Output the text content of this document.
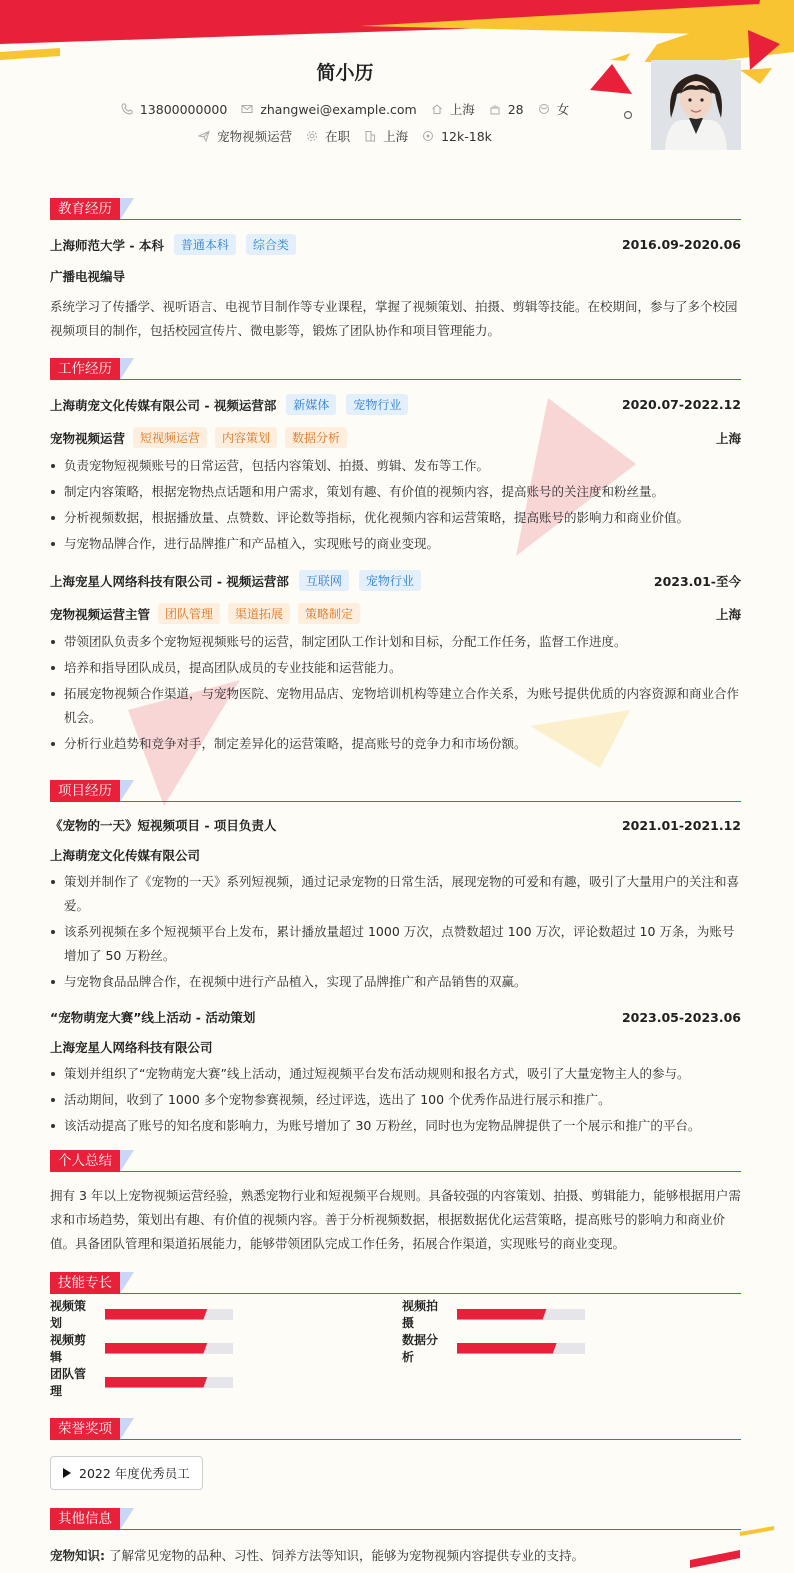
简小历
13800000000	zhangwei@example.com	上海	28	女
宠物视频运营	在职	上海	12k-18k
教育经历
上海师范大学 - 本科	普通本科	综合类	2016.09-2020.06
广播电视编导
系统学习了传播学、视听语言、电视节目制作等专业课程，掌握了视频策划、拍摄、剪辑等技能。在校期间，参与了多个校园视频项目的制作，包括校园宣传片、微电影等，锻炼了团队协作和项目管理能力。
工作经历
上海萌宠文化传媒有限公司 - 视频运营部	新媒体	宠物行业	2020.07-2022.12
宠物视频运营	短视频运营	内容策划	数据分析	上海
负责宠物短视频账号的日常运营，包括内容策划、拍摄、剪辑、发布等工作。
制定内容策略，根据宠物热点话题和用户需求，策划有趣、有价值的视频内容，提高账号的关注度和粉丝量。
分析视频数据，根据播放量、点赞数、评论数等指标，优化视频内容和运营策略，提高账号的影响力和商业价值。
与宠物品牌合作，进行品牌推广和产品植入，实现账号的商业变现。
上海宠星人网络科技有限公司 - 视频运营部	互联网	宠物行业	2023.01-至今
宠物视频运营主管	团队管理	渠道拓展	策略制定	上海
带领团队负责多个宠物短视频账号的运营，制定团队工作计划和目标，分配工作任务，监督工作进度。
培养和指导团队成员，提高团队成员的专业技能和运营能力。
拓展宠物视频合作渠道，与宠物医院、宠物用品店、宠物培训机构等建立合作关系，为账号提供优质的内容资源和商业合作机会。
分析行业趋势和竞争对手，制定差异化的运营策略，提高账号的竞争力和市场份额。
项目经历
《宠物的一天》短视频项目 - 项目负责人	2021.01-2021.12
上海萌宠文化传媒有限公司
策划并制作了《宠物的一天》系列短视频，通过记录宠物的日常生活，展现宠物的可爱和有趣，吸引了大量用户的关注和喜爱。
该系列视频在多个短视频平台上发布，累计播放量超过 1000 万次，点赞数超过 100 万次，评论数超过 10 万条，为账号增加了 50 万粉丝。
与宠物食品品牌合作，在视频中进行产品植入，实现了品牌推广和产品销售的双赢。
“宠物萌宠大赛”线上活动 - 活动策划	2023.05-2023.06
上海宠星人网络科技有限公司
策划并组织了“宠物萌宠大赛”线上活动，通过短视频平台发布活动规则和报名方式，吸引了大量宠物主人的参与。
活动期间，收到了 1000 多个宠物参赛视频，经过评选，选出了 100 个优秀作品进行展示和推广。
该活动提高了账号的知名度和影响力，为账号增加了 30 万粉丝，同时也为宠物品牌提供了一个展示和推广的平台。
个人总结
拥有 3 年以上宠物视频运营经验，熟悉宠物行业和短视频平台规则。具备较强的内容策划、拍摄、剪辑能力，能够根据用户需求和市场趋势，策划出有趣、有价值的视频内容。善于分析视频数据，根据数据优化运营策略，提高账号的影响力和商业价值。具备团队管理和渠道拓展能力，能够带领团队完成工作任务，拓展合作渠道，实现账号的商业变现。
技能专长
视频策划
视频拍摄
视频剪辑
数据分析
团队管理
荣誉奖项
2022 年度优秀员工
其他信息
宠物知识: 了解常见宠物的品种、习性、饲养方法等知识，能够为宠物视频内容提供专业的支持。
